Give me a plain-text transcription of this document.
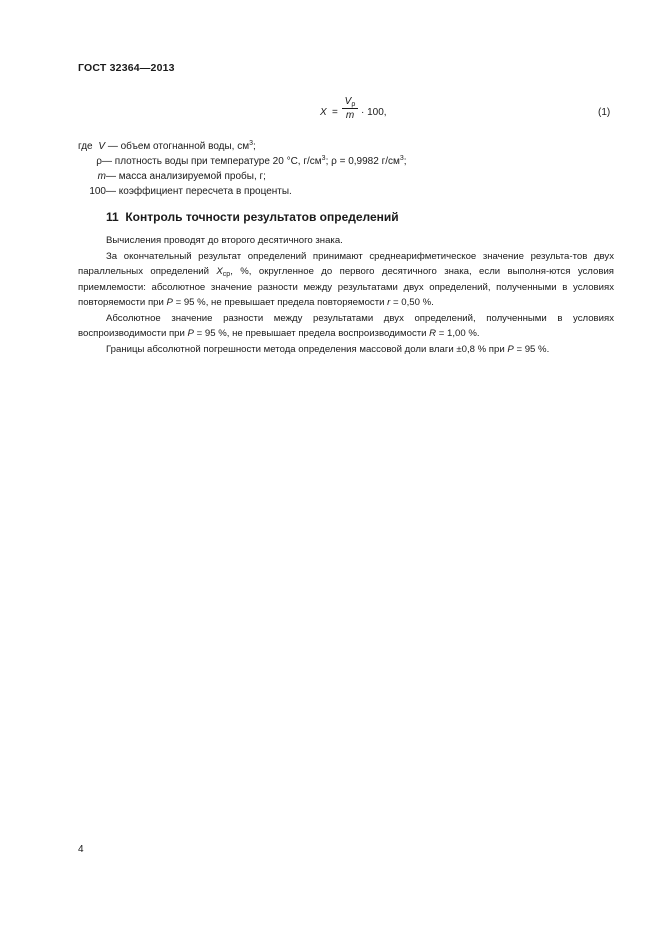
ГОСТ 32364—2013
X =
$V_\rho$
m · 100,	(1)
где V — объем отогнанной воды, $см^3$;
ρ — плотность воды при температуре 20 °С, $г/см^3$; ρ = 0,9982 $г/см^3$;
m — масса анализируемой пробы, г;
100 — коэффициент пересчета в проценты.
11 Контроль точности результатов определений

Вычисления проводят до второго десятичного знака.

За окончательный результат определений принимают среднеарифметическое значение результа-тов двух параллельных определений $X_{ср}$, %, округленное до первого десятичного знака, если выполня-ются условия приемлемости: абсолютное значение разности между результатами двух определений, полученными в условиях повторяемости при P = 95 %, не превышает предела повторяемости r = 0,50 %.

Абсолютное значение разности между результатами двух определений, полученными в условиях воспроизводимости при P = 95 %, не превышает предела воспроизводимости R = 1,00 %.

Границы абсолютной погрешности метода определения массовой доли влаги ±0,8 % при P = 95 %.

4
